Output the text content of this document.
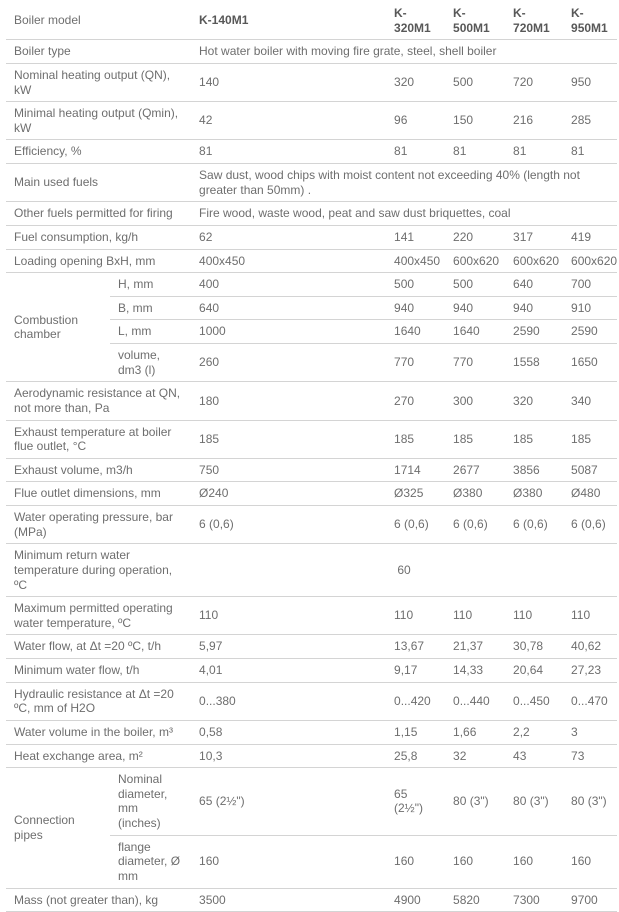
Boiler model		K-140M1	K-320M1	K-500M1	K-720M1	K-950M1
Boiler type		Hot water boiler with moving fire grate, steel, shell boiler				
Nominal heating output (QN), kW		140	320	500	720	950
Minimal heating output (Qmin), kW		42	96	150	216	285
Efficiency, %		81	81	81	81	81
Main used fuels		Saw dust, wood chips with moist content not exceeding 40% (length not greater than 50mm) .				
Other fuels permitted for firing		Fire wood, waste wood, peat and saw dust briquettes, coal				
Fuel consumption, kg/h		62	141	220	317	419
Loading opening BxH, mm		400x450	400x450	600x620	600x620	600x620
Combustion chamber	H, mm	400	500	500	640	700
	B, mm	640	940	940	940	910
	L, mm	1000	1640	1640	2590	2590
	volume, dm3 (l)	260	770	770	1558	1650
Aerodynamic resistance at QN, not more than, Pa		180	270	300	320	340
Exhaust temperature at boiler flue outlet, °C		185	185	185	185	185
Exhaust volume, m3/h		750	1714	2677	3856	5087
Flue outlet dimensions, mm		Ø240	Ø325	Ø380	Ø380	Ø480
Water operating pressure, bar (MPa)		6 (0,6)	6 (0,6)	6 (0,6)	6 (0,6)	6 (0,6)
Minimum return water temperature during operation, ºC		60				
Maximum permitted operating water temperature, ºC		110	110	110	110	110
Water flow, at Δt =20 ºC, t/h		5,97	13,67	21,37	30,78	40,62
Minimum water flow, t/h		4,01	9,17	14,33	20,64	27,23
Hydraulic resistance at Δt =20 ºC, mm of H2O		0...380	0...420	0...440	0...450	0...470
Water volume in the boiler, m³		0,58	1,15	1,66	2,2	3
Heat exchange area, m²		10,3	25,8	32	43	73
Connection pipes	Nominal diameter, mm (inches)	65 (2½")	65 (2½")	80 (3")	80 (3")	80 (3")
	flange diameter, Ø mm	160	160	160	160	160
Mass (not greater than), kg		3500	4900	5820	7300	9700
